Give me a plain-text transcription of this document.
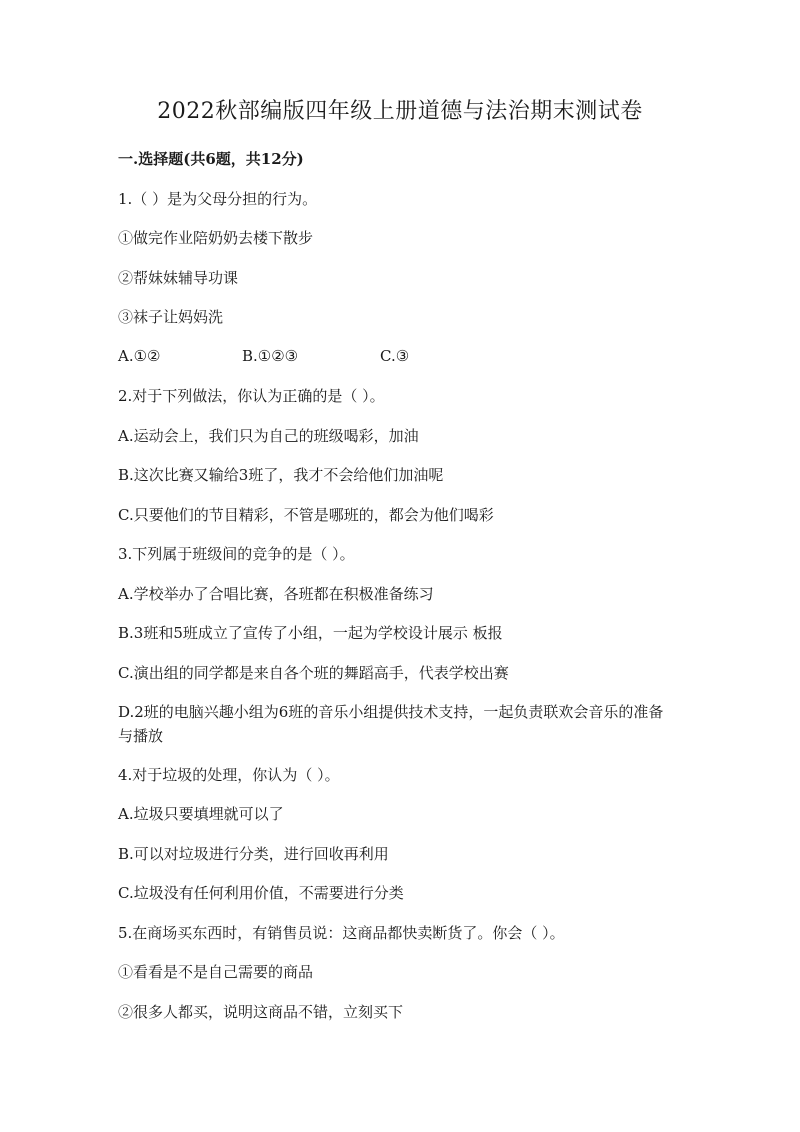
2022秋部编版四年级上册道德与法治期末测试卷
一.选择题(共6题，共12分)
1.（ ）是为父母分担的行为。
①做完作业陪奶奶去楼下散步
②帮妹妹辅导功课
③袜子让妈妈洗
A.①②	B.①②③	C.③
2.对于下列做法，你认为正确的是（ ）。
A.运动会上，我们只为自己的班级喝彩，加油
B.这次比赛又输给3班了，我才不会给他们加油呢
C.只要他们的节目精彩，不管是哪班的，都会为他们喝彩
3.下列属于班级间的竞争的是（ ）。
A.学校举办了合唱比赛，各班都在积极准备练习
B.3班和5班成立了宣传了小组，一起为学校设计展示 板报
C.演出组的同学都是来自各个班的舞蹈高手，代表学校出赛
D.2班的电脑兴趣小组为6班的音乐小组提供技术支持，一起负责联欢会音乐的准备与播放
4.对于垃圾的处理，你认为（ ）。
A.垃圾只要填埋就可以了
B.可以对垃圾进行分类，进行回收再利用
C.垃圾没有任何利用价值，不需要进行分类
5.在商场买东西时，有销售员说：这商品都快卖断货了。你会（ ）。
①看看是不是自己需要的商品
②很多人都买，说明这商品不错，立刻买下
